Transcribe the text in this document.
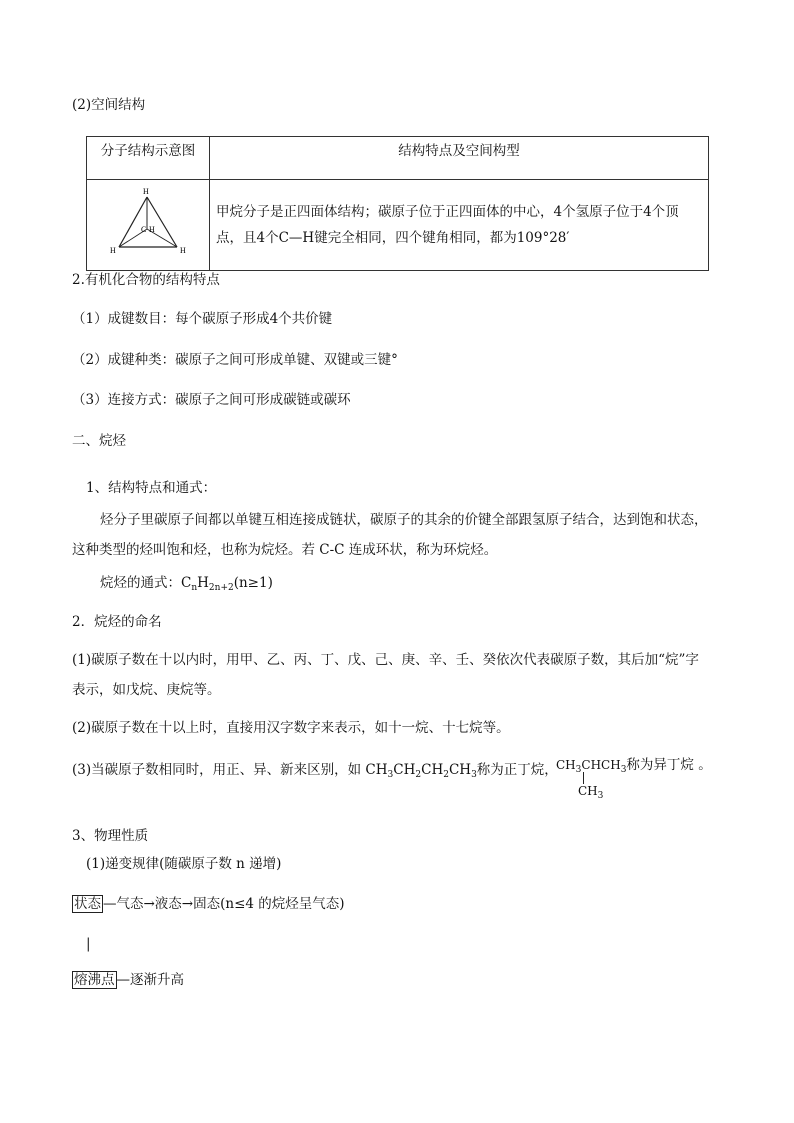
(2)空间结构
分子结构示意图	结构特点及空间构型

H
C H
H H	甲烷分子是正四面体结构；碳原子位于正四面体的中心，4个氢原子位于4个顶点，且4个C—H键完全相同，四个键角相同，都为109°28′
2.有机化合物的结构特点
（1）成键数目：每个碳原子形成4个共价键
（2）成键种类：碳原子之间可形成单键、双键或三键°
（3）连接方式：碳原子之间可形成碳链或碳环
二、烷烃
1、结构特点和通式：
烃分子里碳原子间都以单键互相连接成链状，碳原子的其余的价键全部跟氢原子结合，达到饱和状态，
这种类型的烃叫饱和烃，也称为烷烃。若 C-C 连成环状，称为环烷烃。
烷烃的通式：$C_nH_{2n+2}(n\ge 1)$
2．烷烃的命名
(1)碳原子数在十以内时，用甲、乙、丙、丁、戊、己、庚、辛、壬、癸依次代表碳原子数，其后加“烷”字
表示，如戊烷、庚烷等。
(2)碳原子数在十以上时，直接用汉字数字来表示，如十一烷、十七烷等。
(3)当碳原子数相同时，用正、异、新来区别，如 $CH_3CH_2CH_2CH_3$称为正丁烷，
$CH_3CHCH_3$称为异丁烷 。
$CH_3$
3、物理性质
(1)递变规律(随碳原子数 n 递增)
状态 —气态→液态→固态(n≤4 的烷烃呈气态)
|
熔沸点 —逐渐升高
